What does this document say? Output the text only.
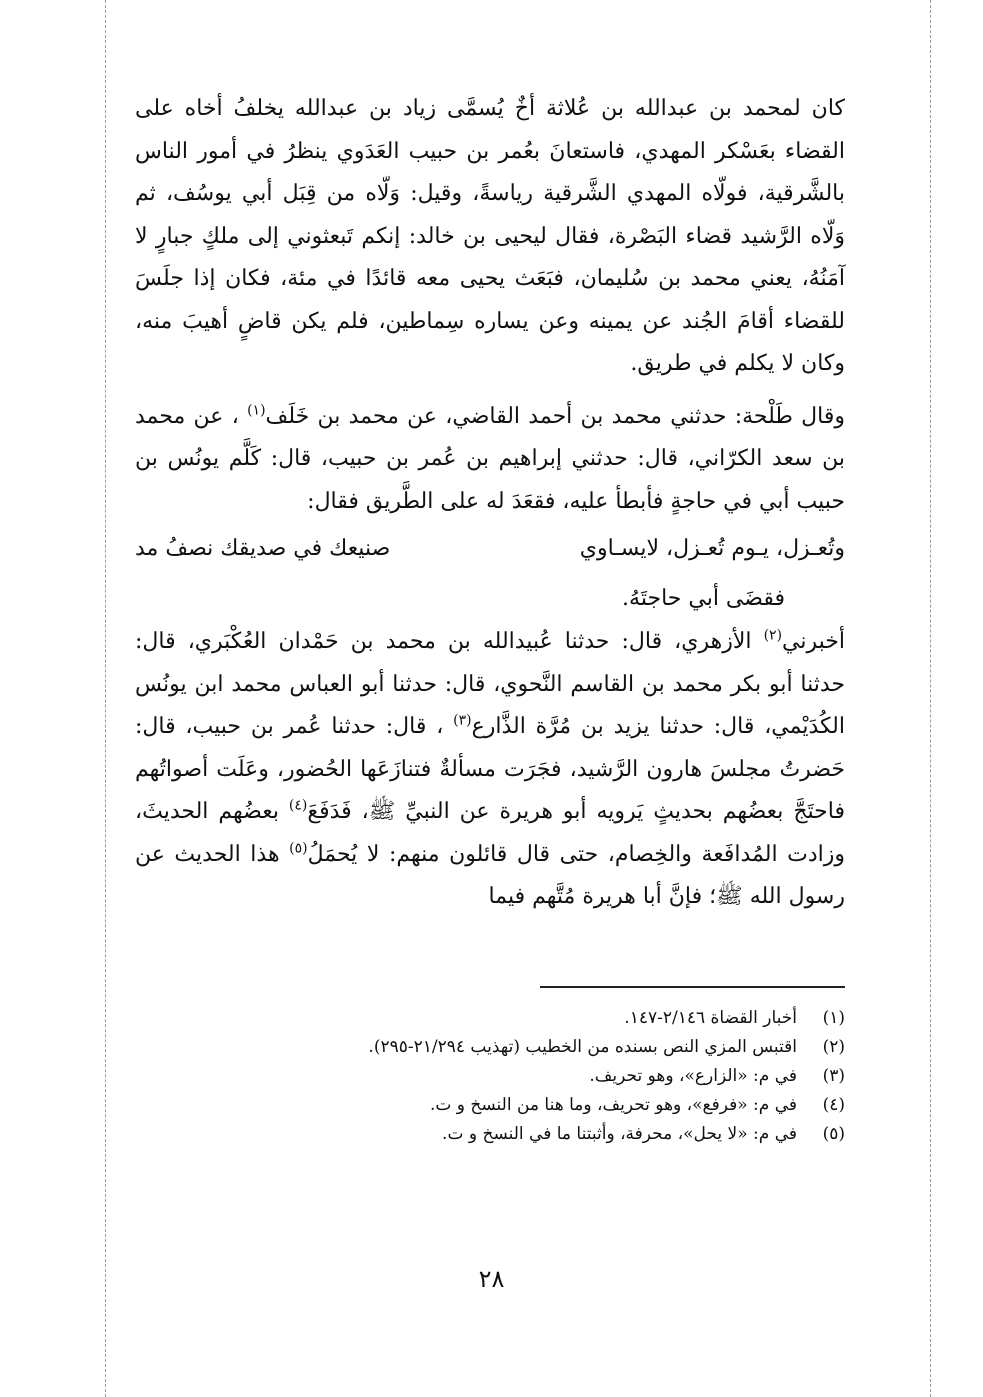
كان لمحمد بن عبدالله بن عُلاثة أخٌ يُسمَّى زياد بن عبدالله يخلفُ أخاه على القضاء بعَسْكر المهدي، فاستعانَ بعُمر بن حبيب العَدَوي ينظرُ في أمور الناس بالشَّرقية، فولّاه المهدي الشَّرقية رياسةً، وقيل: وَلّاه من قِبَل أبي يوسُف، ثم وَلّاه الرَّشيد قضاء البَصْرة، فقال ليحيى بن خالد: إنكم تَبعثوني إلى ملكٍ جبارٍ لا آمَنُهُ، يعني محمد بن سُليمان، فبَعَث يحيى معه قائدًا في مئة، فكان إذا جلَسَ للقضاء أقامَ الجُند عن يمينه وعن يساره سِماطين، فلم يكن قاضٍ أهيبَ منه، وكان لا يكلم في طريق.

وقال طَلْحة: حدثني محمد بن أحمد القاضي، عن محمد بن خَلَف$^{(١)}$ ، عن محمد بن سعد الكرّاني، قال: حدثني إبراهيم بن عُمر بن حبيب، قال: كَلَّم يونُس بن حبيب أبي في حاجةٍ فأبطأ عليه، فقعَدَ له على الطَّريق فقال:

وتُعـزل، يـوم تُعـزل، لايسـاوي
صنيعك في صديقك نصفُ مد
فقضَى أبي حاجتَهُ.

أخبرني$^{(٢)}$ الأزهري، قال: حدثنا عُبيدالله بن محمد بن حَمْدان العُكْبَري، قال: حدثنا أبو بكر محمد بن القاسم النَّحوي، قال: حدثنا أبو العباس محمد ابن يونُس الكُدَيْمي، قال: حدثنا يزيد بن مُرَّة الذَّارع$^{(٣)}$ ، قال: حدثنا عُمر بن حبيب، قال: حَضرتُ مجلسَ هارون الرَّشيد، فجَرَت مسألةٌ فتنازَعَها الحُضور، وعَلَت أصواتُهم فاحتَجَّ بعضُهم بحديثٍ يَرويه أبو هريرة عن النبيِّ ﷺ، فَدَفَعَ$^{(٤)}$ بعضُهم الحديثَ، وزادت المُدافَعة والخِصام، حتى قال قائلون منهم: لا يُحمَلُ$^{(٥)}$ هذا الحديث عن رسول الله ﷺ؛ فإنَّ أبا هريرة مُتَّهم فيما

(١)
أخبار القضاة ٢/١٤٦-١٤٧.
(٢)
اقتبس المزي النص بسنده من الخطيب (تهذيب ٢١/٢٩٤-٢٩٥).
(٣)
في م: «الزارع»، وهو تحريف.
(٤)
في م: «فرفع»، وهو تحريف، وما هنا من النسخ و ت.
(٥)
في م: «لا يحل»، محرفة، وأثبتنا ما في النسخ و ت.
٢٨
